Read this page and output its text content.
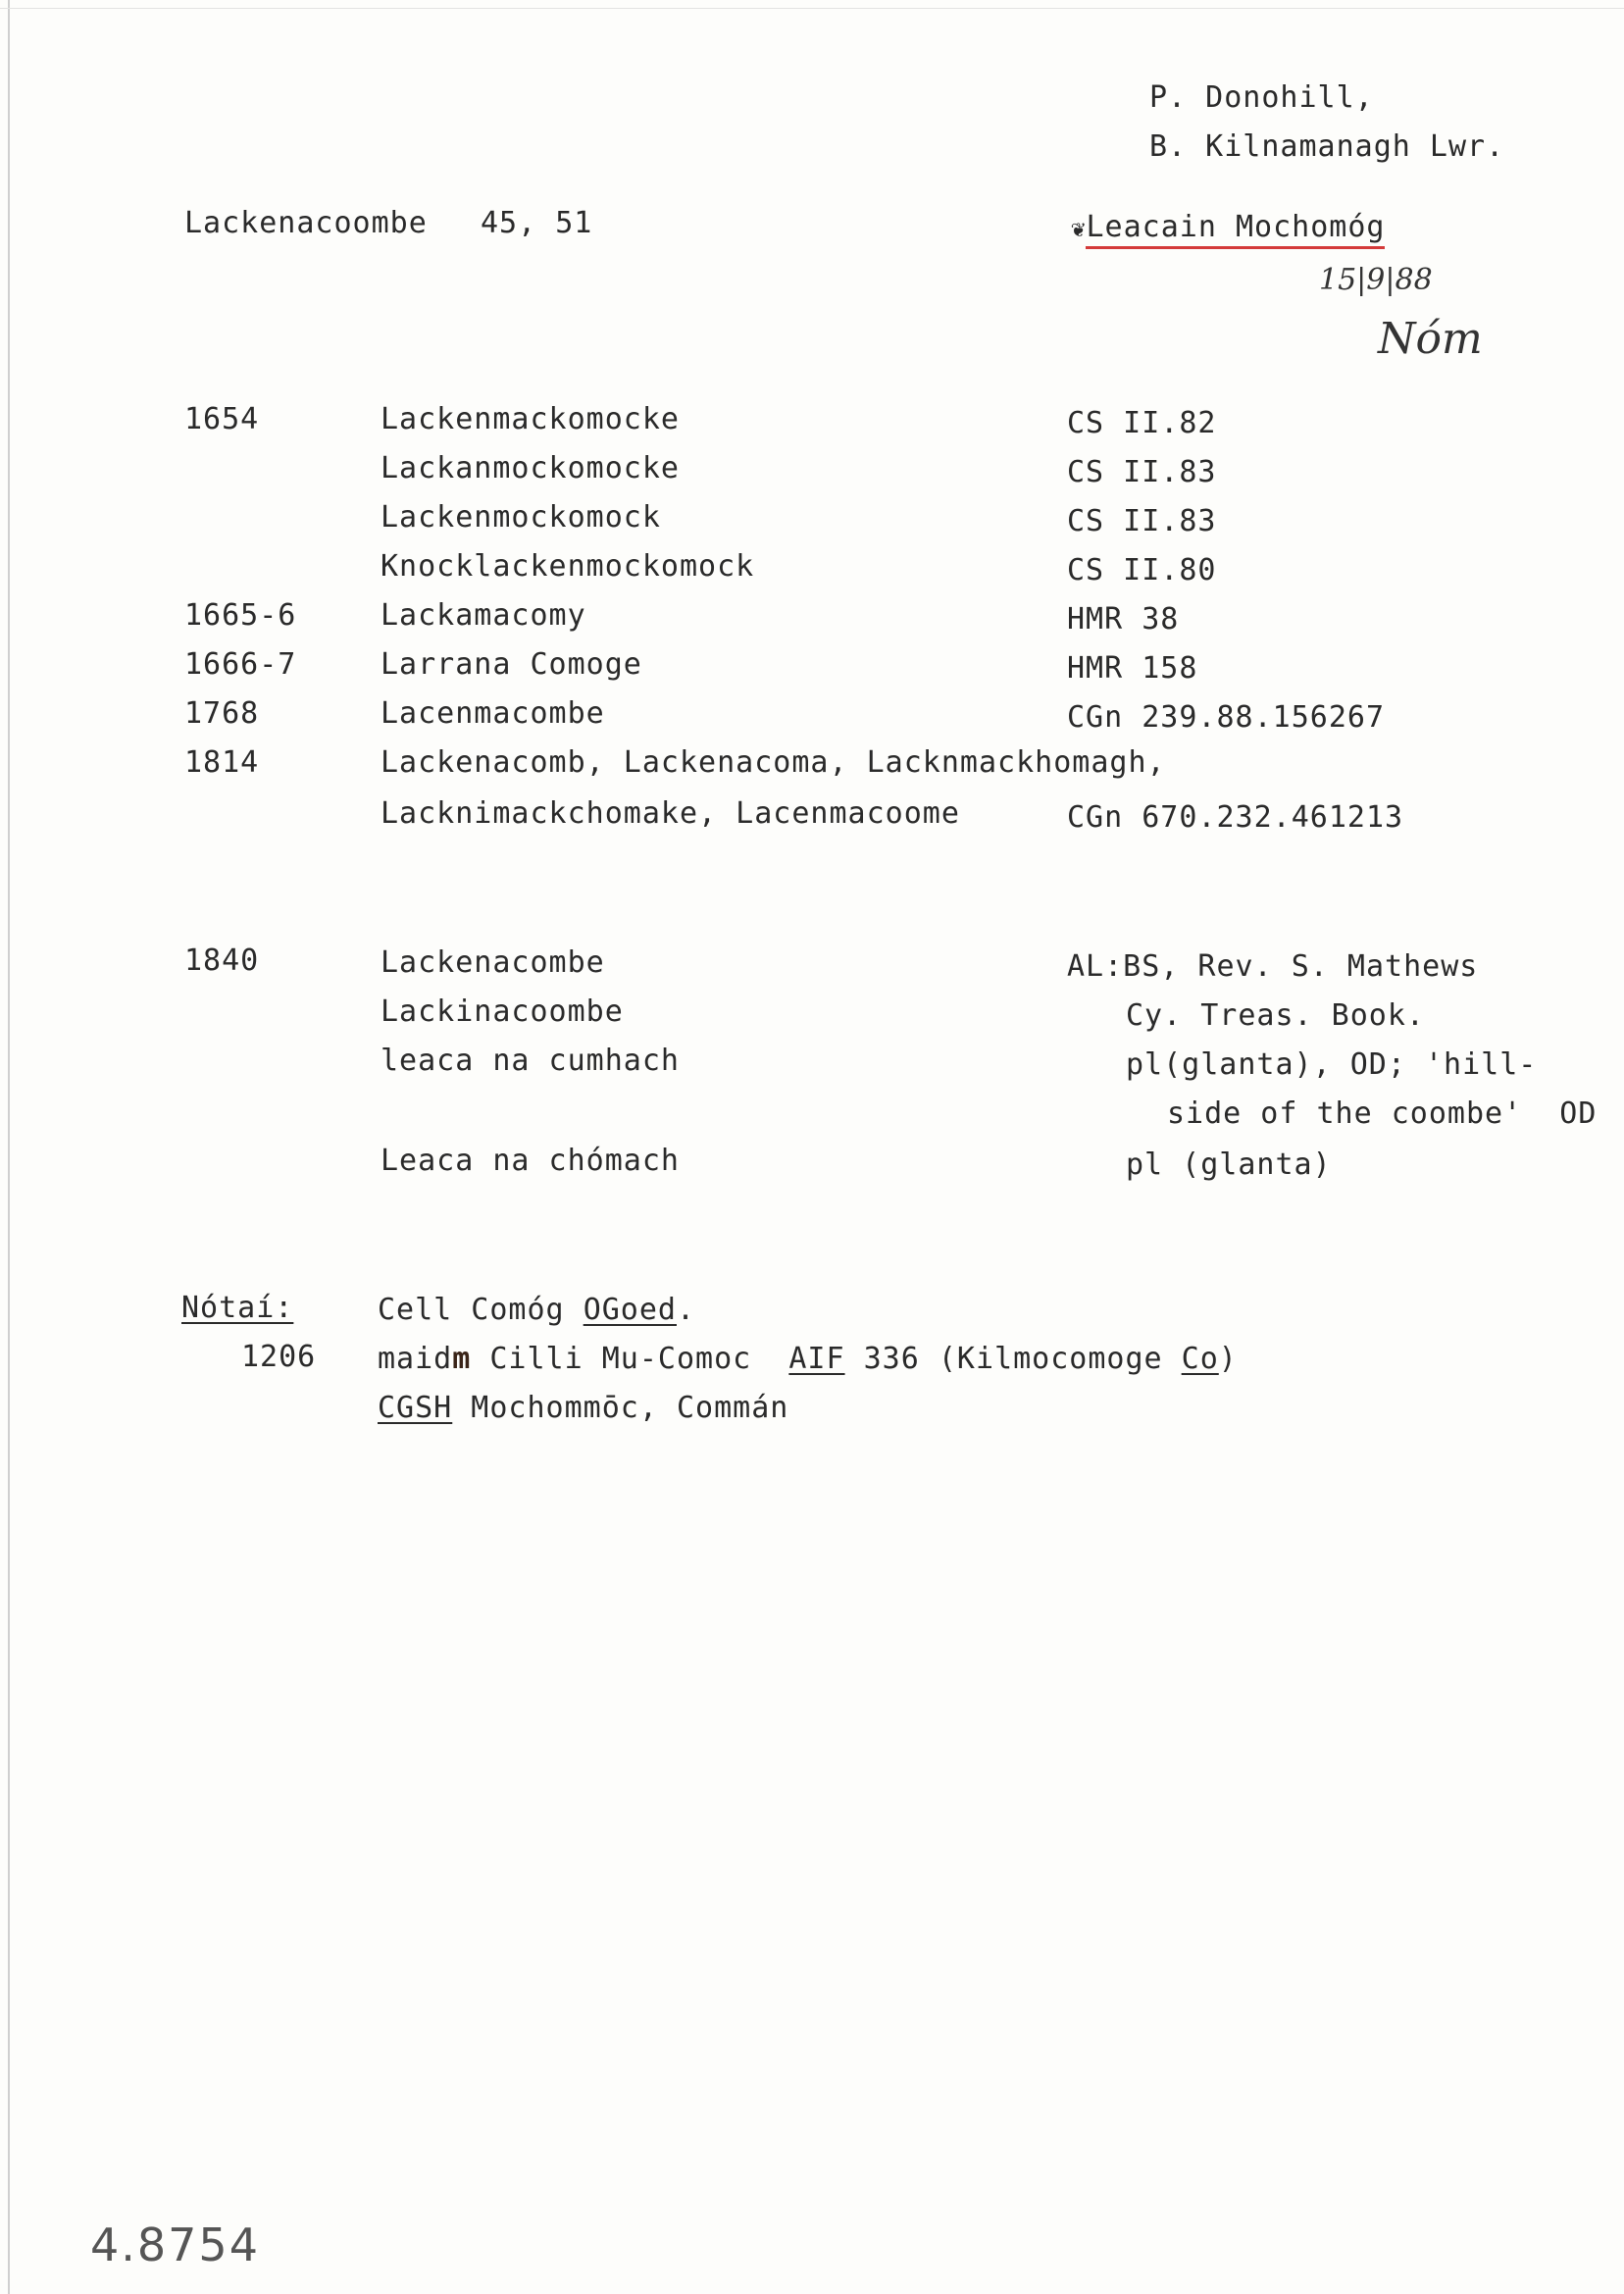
P. Donohill,
B. Kilnamanagh Lwr.
Lackenacoombe 45, 51	❦Leacain Mochomóg
15|9|88
Nóm
1654	Lackenmackomocke	CS II.82
Lackanmockomocke	CS II.83
Lackenmockomock	CS II.83
Knocklackenmockomock	CS II.80
1665-6	Lackamacomy	HMR 38
1666-7	Larrana Comoge	HMR 158
1768	Lacenmacombe	CGn 239.88.156267
1814	Lackenacomb, Lackenacoma, Lacknmackhomagh,
Lacknimackchomake, Lacenmacoome	CGn 670.232.461213
1840	Lackenacombe	AL:BS, Rev. S. Mathews
Lackinacoombe	Cy. Treas. Book.
leaca na cumhach	pl(glanta), OD; 'hill-
side of the coombe'  OD
Leaca na chómach	pl (glanta)
Nótaí:	Cell Comóg OGoed.
1206 maidm Cilli Mu-Comoc  AIF 336 (Kilmocomoge Co)
CGSH Mochommōc, Commán
4.8754
